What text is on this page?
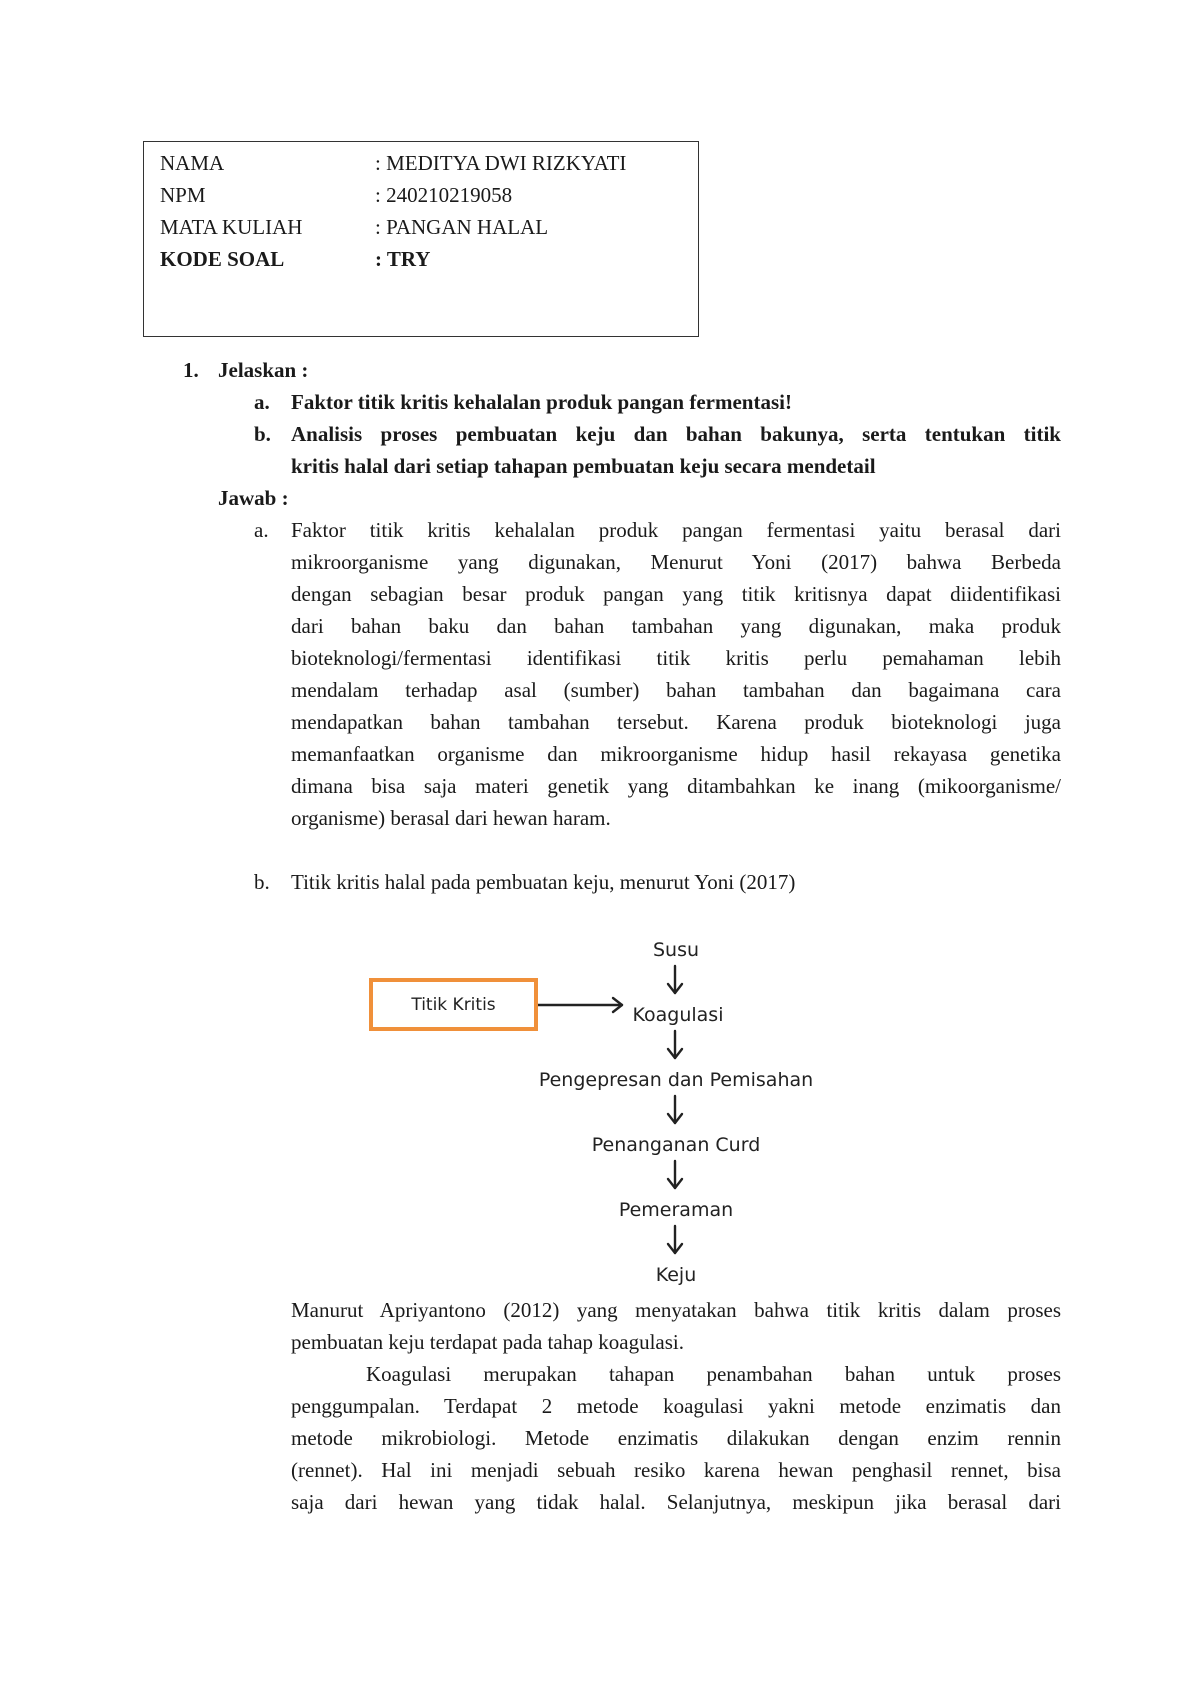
NAMA	: MEDITYA DWI RIZKYATI
NPM	: 240210219058
MATA KULIAH	: PANGAN HALAL
KODE SOAL	: TRY
1. Jelaskan :
a. Faktor titik kritis kehalalan produk pangan fermentasi!
b. Analisis proses pembuatan keju dan bahan bakunya, serta tentukan titik
kritis halal dari setiap tahapan pembuatan keju secara mendetail
Jawab :
a. Faktor titik kritis kehalalan produk pangan fermentasi yaitu berasal dari
mikroorganisme yang digunakan, Menurut Yoni (2017) bahwa Berbeda
dengan sebagian besar produk pangan yang titik kritisnya dapat diidentifikasi
dari bahan baku dan bahan tambahan yang digunakan, maka produk
bioteknologi/fermentasi identifikasi titik kritis perlu pemahaman lebih
mendalam terhadap asal (sumber) bahan tambahan dan bagaimana cara
mendapatkan bahan tambahan tersebut. Karena produk bioteknologi juga
memanfaatkan organisme dan mikroorganisme hidup hasil rekayasa genetika
dimana bisa saja materi genetik yang ditambahkan ke inang (mikoorganisme/
organisme) berasal dari hewan haram.
b. Titik kritis halal pada pembuatan keju, menurut Yoni (2017)
Susu
Koagulasi
Pengepresan dan Pemisahan
Penanganan Curd
Pemeraman
Keju
Titik Kritis
Manurut Apriyantono (2012) yang menyatakan bahwa titik kritis dalam proses
pembuatan keju terdapat pada tahap koagulasi.
Koagulasi merupakan tahapan penambahan bahan untuk proses
penggumpalan. Terdapat 2 metode koagulasi yakni metode enzimatis dan
metode mikrobiologi. Metode enzimatis dilakukan dengan enzim rennin
(rennet). Hal ini menjadi sebuah resiko karena hewan penghasil rennet, bisa
saja dari hewan yang tidak halal. Selanjutnya, meskipun jika berasal dari
